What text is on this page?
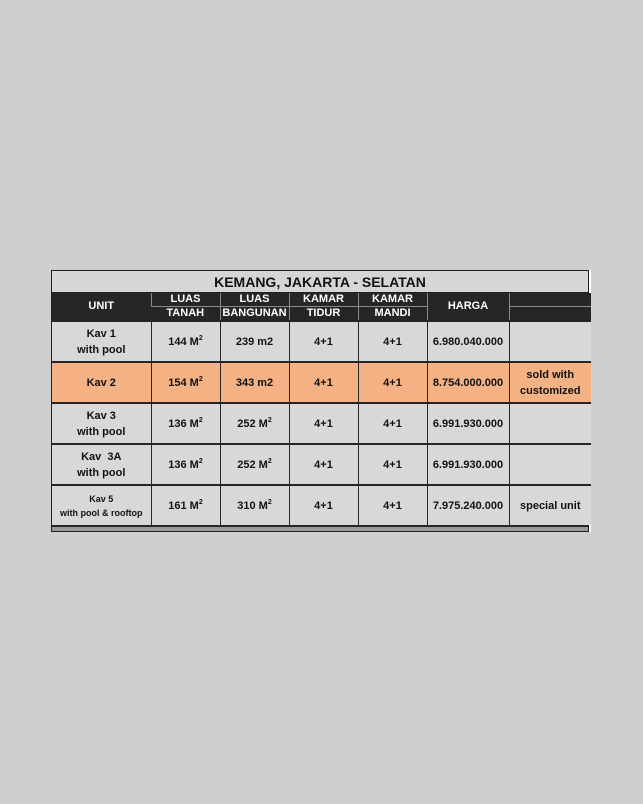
KEMANG, JAKARTA - SELATAN
UNIT	LUAS	LUAS	KAMAR	KAMAR	HARGA	
	TANAH	BANGUNAN	TIDUR	MANDI		
Kav 1
with pool	144 $M^2$	239 m2	4+1	4+1	6.980.040.000	

Kav 2	154 $M^2$	343 m2	4+1	4+1	8.754.000.000	sold with
customized
Kav 3
with pool	136 $M^2$	252 $M^2$	4+1	4+1	6.991.930.000	
Kav  3A
with pool	136 $M^2$	252 $M^2$	4+1	4+1	6.991.930.000	
Kav 5
with pool & rooftop	161 $M^2$	310 $M^2$	4+1	4+1	7.975.240.000	special unit
